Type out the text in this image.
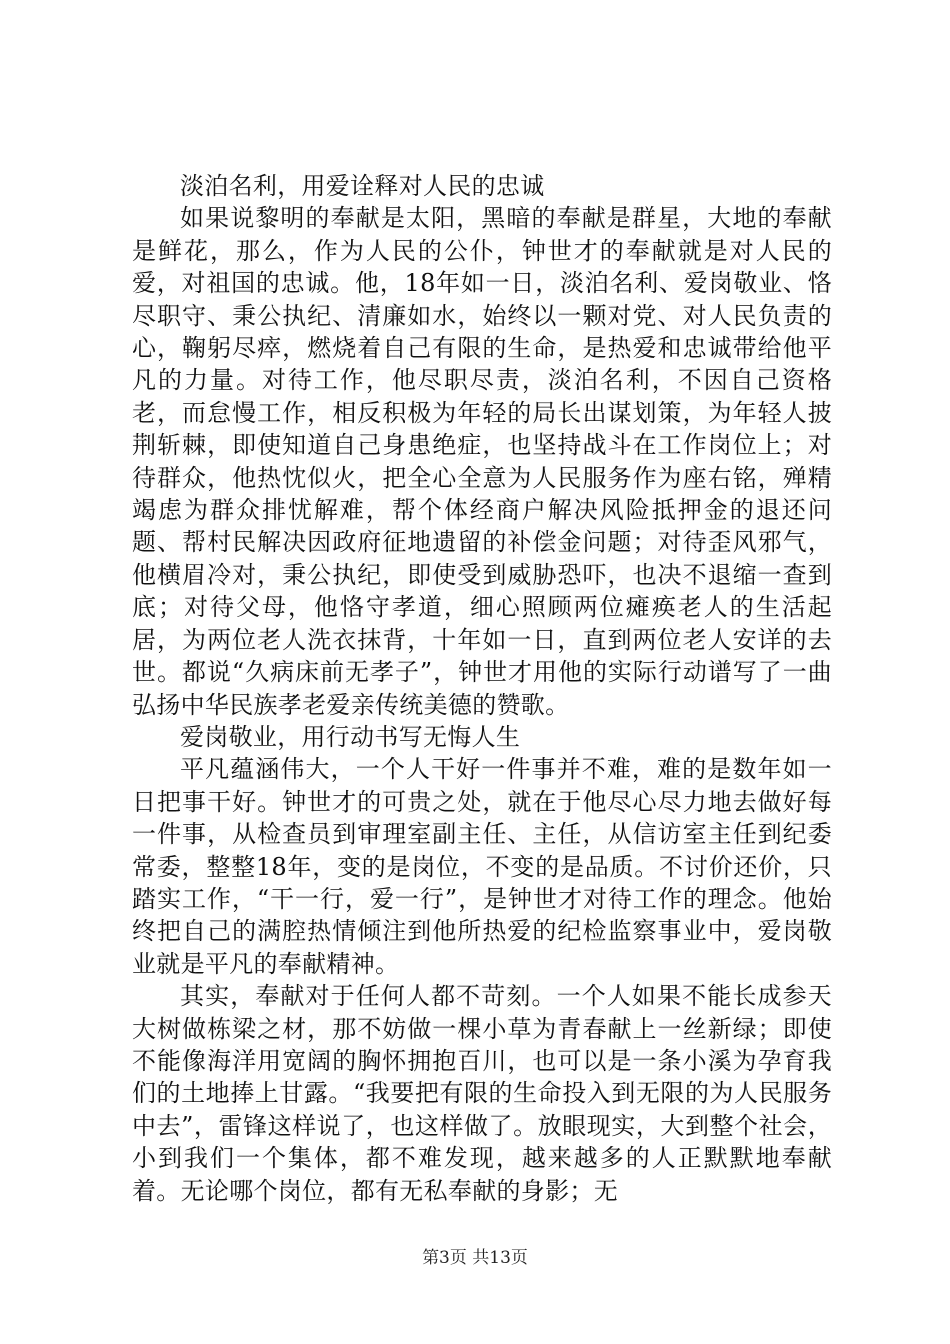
淡泊名利，用爱诠释对人民的忠诚

如果说黎明的奉献是太阳，黑暗的奉献是群星，大地的奉献是鲜花，那么，作为人民的公仆，钟世才的奉献就是对人民的爱，对祖国的忠诚。他，18年如一日，淡泊名利、爱岗敬业、恪尽职守、秉公执纪、清廉如水，始终以一颗对党、对人民负责的心，鞠躬尽瘁，燃烧着自己有限的生命，是热爱和忠诚带给他平凡的力量。对待工作，他尽职尽责，淡泊名利，不因自己资格老，而怠慢工作，相反积极为年轻的局长出谋划策，为年轻人披荆斩棘，即使知道自己身患绝症，也坚持战斗在工作岗位上；对待群众，他热忱似火，把全心全意为人民服务作为座右铭，殚精竭虑为群众排忧解难，帮个体经商户解决风险抵押金的退还问题、帮村民解决因政府征地遗留的补偿金问题；对待歪风邪气，他横眉冷对，秉公执纪，即使受到威胁恐吓，也决不退缩一查到底；对待父母，他恪守孝道，细心照顾两位瘫痪老人的生活起居，为两位老人洗衣抹背，十年如一日，直到两位老人安详的去世。都说“久病床前无孝子”，钟世才用他的实际行动谱写了一曲弘扬中华民族孝老爱亲传统美德的赞歌。

爱岗敬业，用行动书写无悔人生

平凡蕴涵伟大，一个人干好一件事并不难，难的是数年如一日把事干好。钟世才的可贵之处，就在于他尽心尽力地去做好每一件事，从检查员到审理室副主任、主任，从信访室主任到纪委常委，整整18年，变的是岗位，不变的是品质。不讨价还价，只踏实工作，“干一行，爱一行”，是钟世才对待工作的理念。他始终把自己的满腔热情倾注到他所热爱的纪检监察事业中，爱岗敬业就是平凡的奉献精神。

其实，奉献对于任何人都不苛刻。一个人如果不能长成参天大树做栋梁之材，那不妨做一棵小草为青春献上一丝新绿；即使不能像海洋用宽阔的胸怀拥抱百川，也可以是一条小溪为孕育我们的土地捧上甘露。“我要把有限的生命投入到无限的为人民服务中去”，雷锋这样说了，也这样做了。放眼现实，大到整个社会，小到我们一个集体，都不难发现，越来越多的人正默默地奉献着。无论哪个岗位，都有无私奉献的身影；无

第3页 共13页
